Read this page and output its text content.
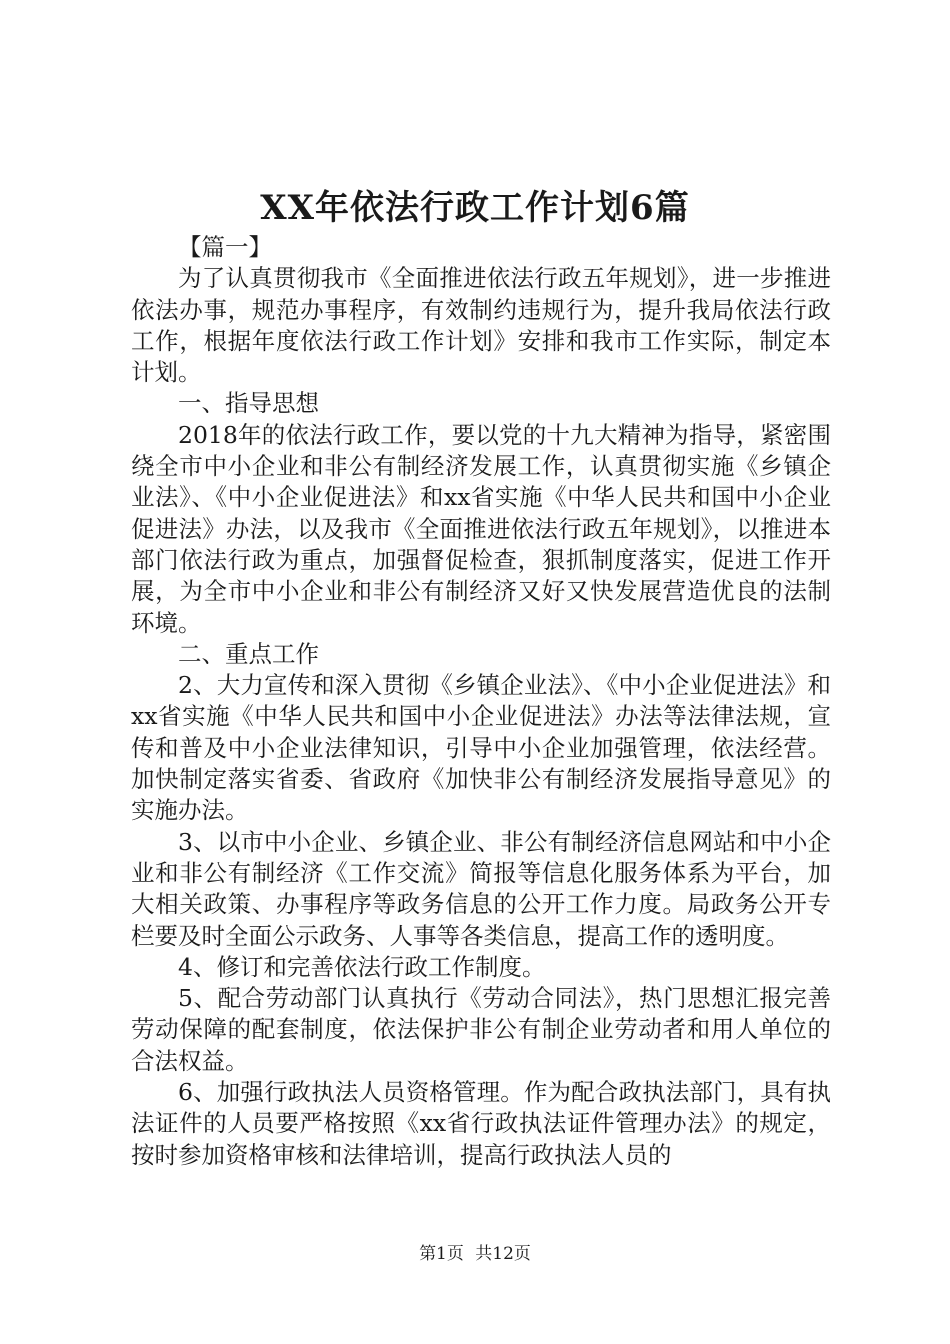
XX年依法行政工作计划6篇

【篇一】

为了认真贯彻我市《全面推进依法行政五年规划》，进一步推进依法办事，规范办事程序，有效制约违规行为，提升我局依法行政工作，根据年度依法行政工作计划》安排和我市工作实际，制定本计划。

一、指导思想

2018年的依法行政工作，要以党的十九大精神为指导，紧密围绕全市中小企业和非公有制经济发展工作，认真贯彻实施《乡镇企业法》、《中小企业促进法》和xx省实施《中华人民共和国中小企业促进法》办法，以及我市《全面推进依法行政五年规划》，以推进本部门依法行政为重点，加强督促检查，狠抓制度落实，促进工作开展，为全市中小企业和非公有制经济又好又快发展营造优良的法制环境。

二、重点工作

2、大力宣传和深入贯彻《乡镇企业法》、《中小企业促进法》和xx省实施《中华人民共和国中小企业促进法》办法等法律法规，宣传和普及中小企业法律知识，引导中小企业加强管理，依法经营。加快制定落实省委、省政府《加快非公有制经济发展指导意见》的实施办法。

3、以市中小企业、乡镇企业、非公有制经济信息网站和中小企业和非公有制经济《工作交流》简报等信息化服务体系为平台，加大相关政策、办事程序等政务信息的公开工作力度。局政务公开专栏要及时全面公示政务、人事等各类信息，提高工作的透明度。

4、修订和完善依法行政工作制度。

5、配合劳动部门认真执行《劳动合同法》，热门思想汇报完善劳动保障的配套制度，依法保护非公有制企业劳动者和用人单位的合法权益。

6、加强行政执法人员资格管理。作为配合政执法部门，具有执法证件的人员要严格按照《xx省行政执法证件管理办法》的规定，按时参加资格审核和法律培训，提高行政执法人员的

第1页 共12页
